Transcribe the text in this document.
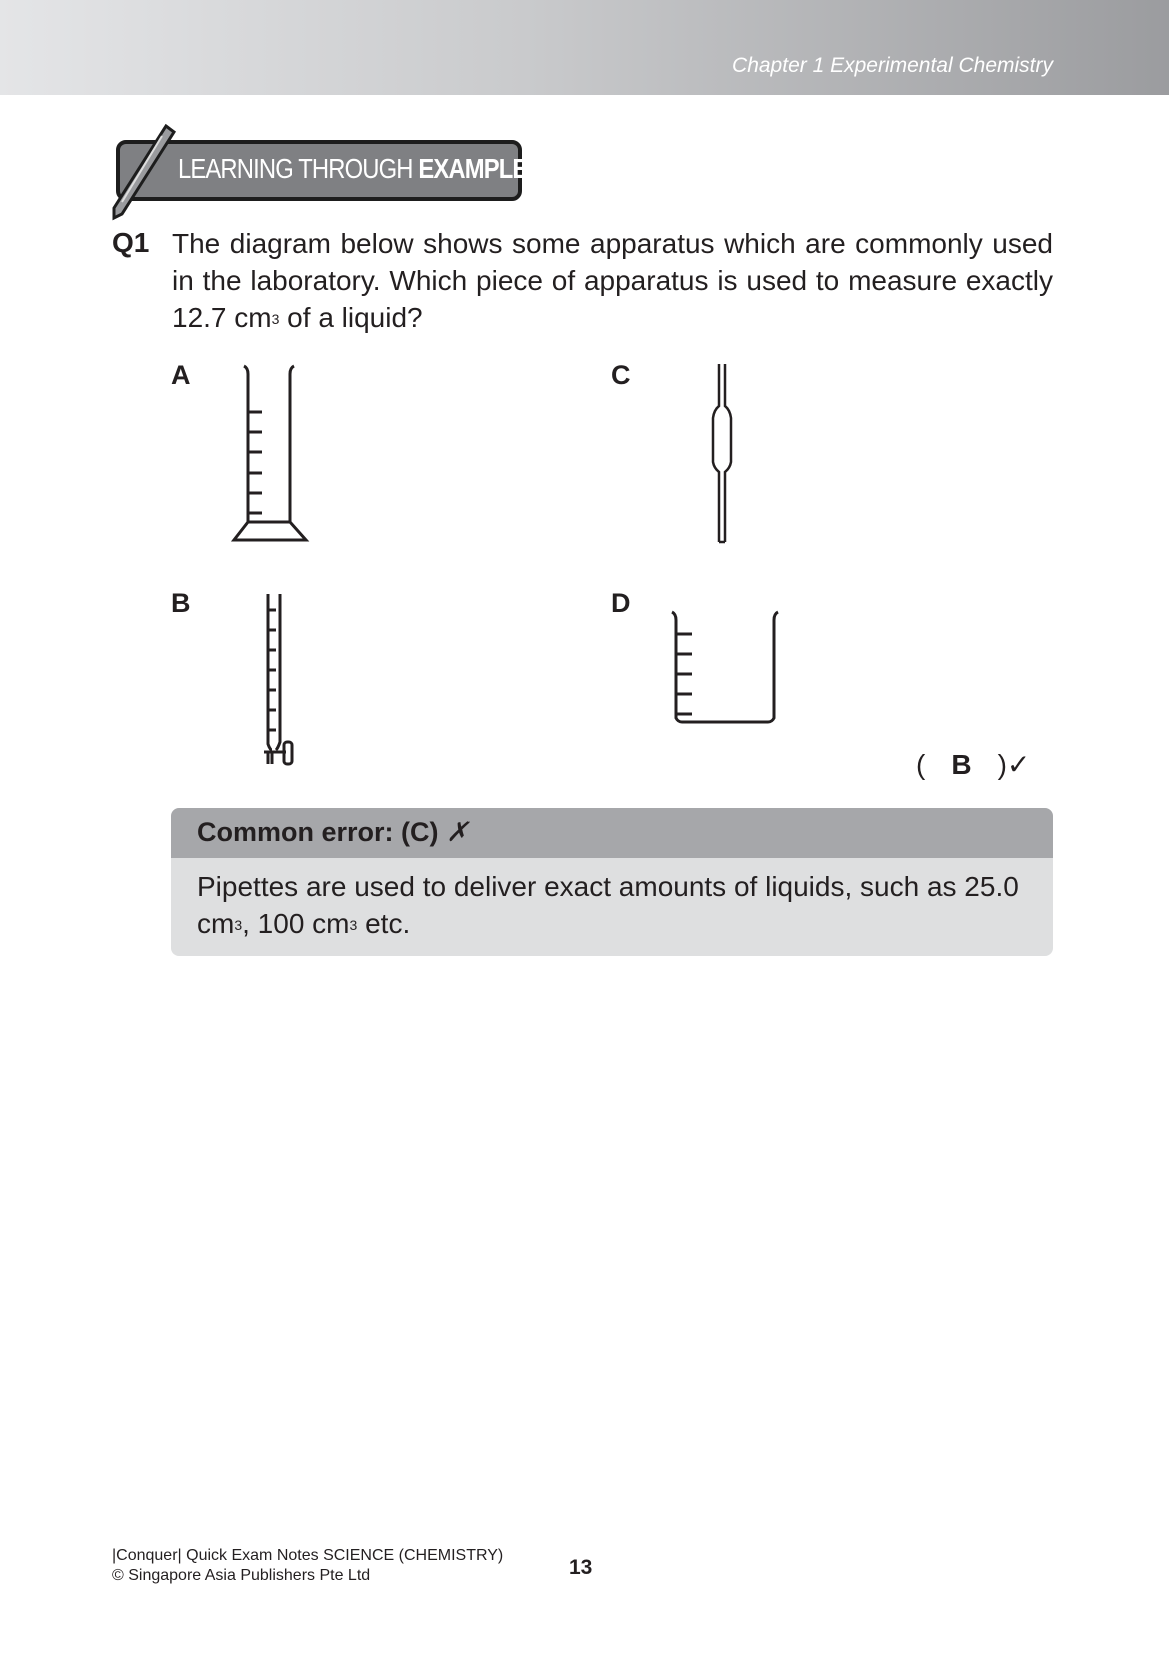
Chapter 1 Experimental Chemistry
LEARNING THROUGH EXAMPLES
Q1 The diagram below shows some apparatus which are commonly used in the laboratory. Which piece of apparatus is used to measure exactly 12.7 $cm^3$ of a liquid?
A
B
C
D
( B )✓
Common error: (C) ✗
Pipettes are used to deliver exact amounts of liquids, such as 25.0 $cm^3$, 100 $cm^3$ etc.
|Conquer| Quick Exam Notes SCIENCE (CHEMISTRY)
© Singapore Asia Publishers Pte Ltd	13
